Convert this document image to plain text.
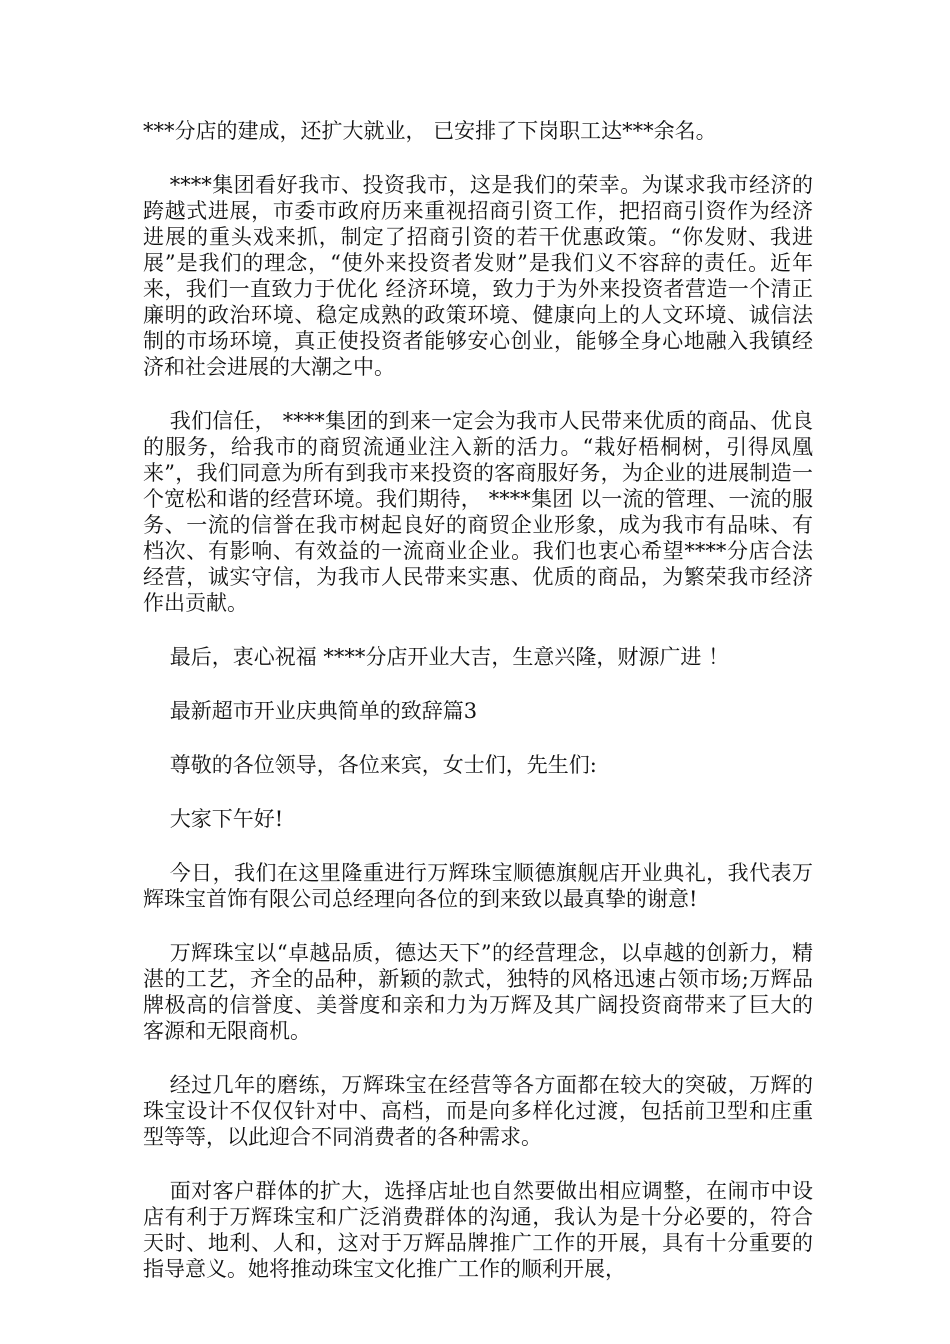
***分店的建成，还扩大就业， 已安排了下岗职工达***余名。

****集团看好我市、投资我市，这是我们的荣幸。为谋求我市经济的跨越式进展，市委市政府历来重视招商引资工作，把招商引资作为经济进展的重头戏来抓，制定了招商引资的若干优惠政策。“你发财、我进展”是我们的理念，“使外来投资者发财”是我们义不容辞的责任。近年来，我们一直致力于优化 经济环境，致力于为外来投资者营造一个清正廉明的政治环境、稳定成熟的政策环境、健康向上的人文环境、诚信法制的市场环境，真正使投资者能够安心创业，能够全身心地融入我镇经济和社会进展的大潮之中。

我们信任， ****集团的到来一定会为我市人民带来优质的商品、优良的服务，给我市的商贸流通业注入新的活力。“栽好梧桐树，引得凤凰来”，我们同意为所有到我市来投资的客商服好务，为企业的进展制造一个宽松和谐的经营环境。我们期待， ****集团 以一流的管理、一流的服务、一流的信誉在我市树起良好的商贸企业形象，成为我市有品味、有档次、有影响、有效益的一流商业企业。我们也衷心希望****分店合法经营，诚实守信，为我市人民带来实惠、优质的商品，为繁荣我市经济作出贡献。

最后，衷心祝福 ****分店开业大吉，生意兴隆，财源广进 ！

最新超市开业庆典简单的致辞篇3

尊敬的各位领导，各位来宾，女士们，先生们:

大家下午好!

今日，我们在这里隆重进行万辉珠宝顺德旗舰店开业典礼，我代表万辉珠宝首饰有限公司总经理向各位的到来致以最真挚的谢意!

万辉珠宝以“卓越品质，德达天下”的经营理念，以卓越的创新力，精湛的工艺，齐全的品种，新颖的款式，独特的风格迅速占领市场;万辉品牌极高的信誉度、美誉度和亲和力为万辉及其广阔投资商带来了巨大的客源和无限商机。

经过几年的磨练，万辉珠宝在经营等各方面都在较大的突破，万辉的珠宝设计不仅仅针对中、高档，而是向多样化过渡，包括前卫型和庄重型等等，以此迎合不同消费者的各种需求。

面对客户群体的扩大，选择店址也自然要做出相应调整，在闹市中设店有利于万辉珠宝和广泛消费群体的沟通，我认为是十分必要的，符合天时、地利、人和，这对于万辉品牌推广工作的开展，具有十分重要的指导意义。她将推动珠宝文化推广工作的顺利开展，
